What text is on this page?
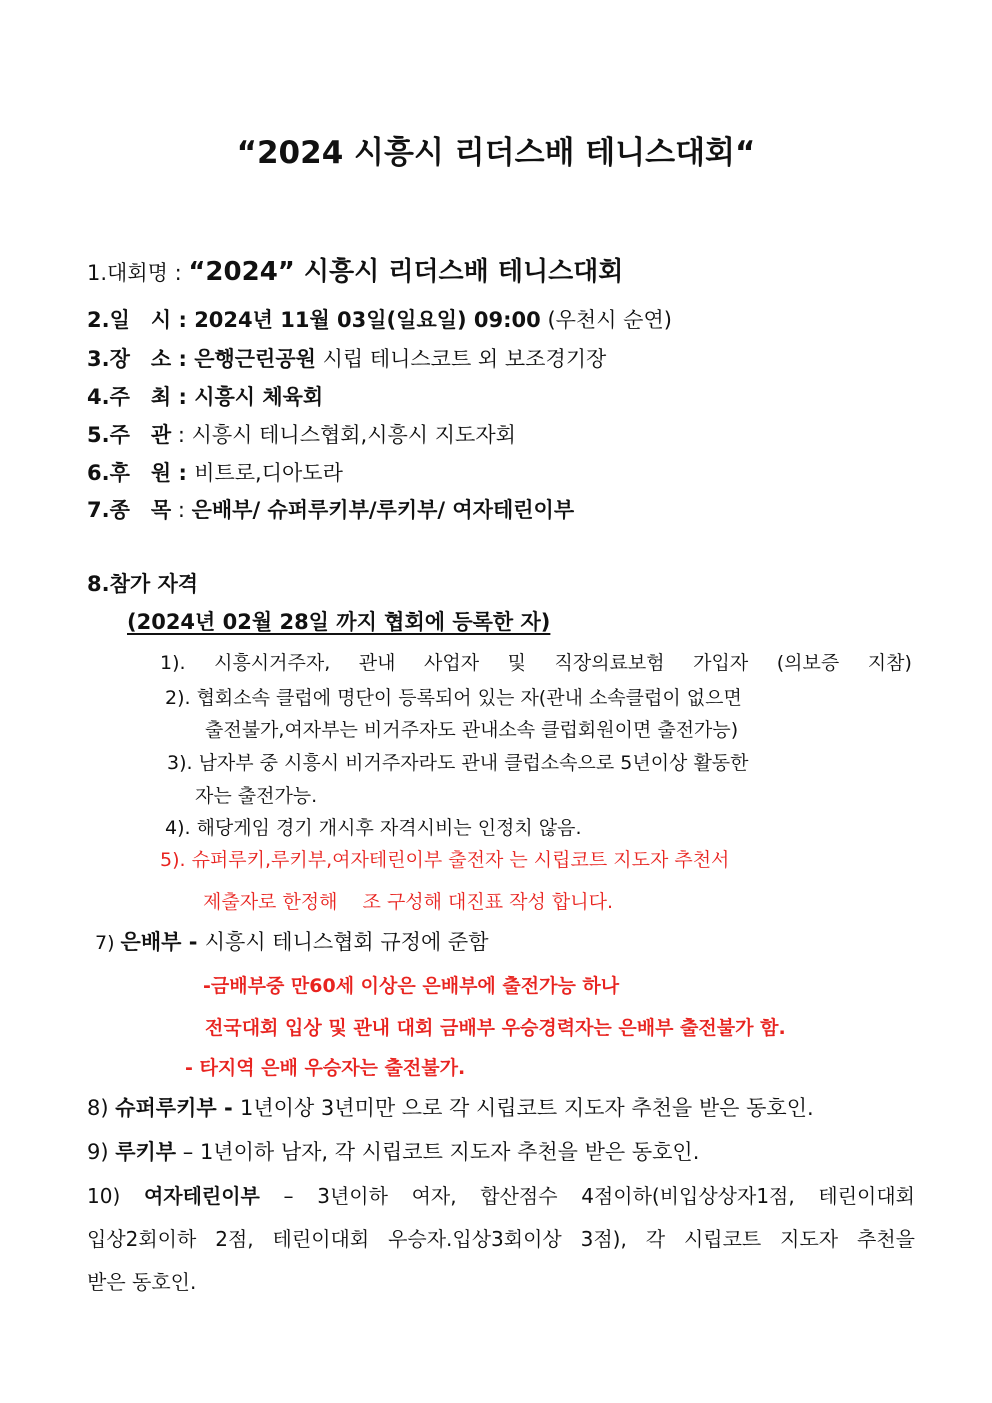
“2024 시흥시 리더스배 테니스대회“
1.대회명 : “2024” 시흥시 리더스배 테니스대회
2.일　시 : 2024년 11월 03일(일요일) 09:00 (우천시 순연)
3.장　소 : 은행근린공원 시립 테니스코트 외 보조경기장
4.주　최 : 시흥시 체육회
5.주　관 : 시흥시 테니스협회,시흥시 지도자회
6.후　원 : 비트로,디아도라
7.종　목 : 은배부/ 슈퍼루키부/루키부/ 여자테린이부
8.참가 자격
(2024년 02월 28일 까지 협회에 등록한 자)
1). 시흥시거주자, 관내 사업자 및 직장의료보험 가입자 (의보증 지참)
2). 협회소속 클럽에 명단이 등록되어 있는 자(관내 소속클럽이 없으면
출전불가,여자부는 비거주자도 관내소속 클럽회원이면 출전가능)
3). 남자부 중 시흥시 비거주자라도 관내 클럽소속으로 5년이상 활동한
자는 출전가능.
4). 해당게임 경기 개시후 자격시비는 인정치 않음.
5). 슈퍼루키,루키부,여자테린이부 출전자 는 시립코트 지도자 추천서
제출자로 한정해　 조 구성해 대진표 작성 합니다.
7) 은배부 - 시흥시 테니스협회 규정에 준함
-금배부중 만60세 이상은 은배부에 출전가능 하나
전국대회 입상 및 관내 대회 금배부 우승경력자는 은배부 출전불가 함.
- 타지역 은배 우승자는 출전불가.
8) 슈퍼루키부 - 1년이상 3년미만 으로 각 시립코트 지도자 추천을 받은 동호인.
9) 루키부 – 1년이하 남자, 각 시립코트 지도자 추천을 받은 동호인.
10) 여자테린이부 – 3년이하 여자, 합산점수 4점이하(비입상상자1점, 테린이대회
입상2회이하 2점, 테린이대회 우승자.입상3회이상 3점), 각 시립코트 지도자 추천을
받은 동호인.
